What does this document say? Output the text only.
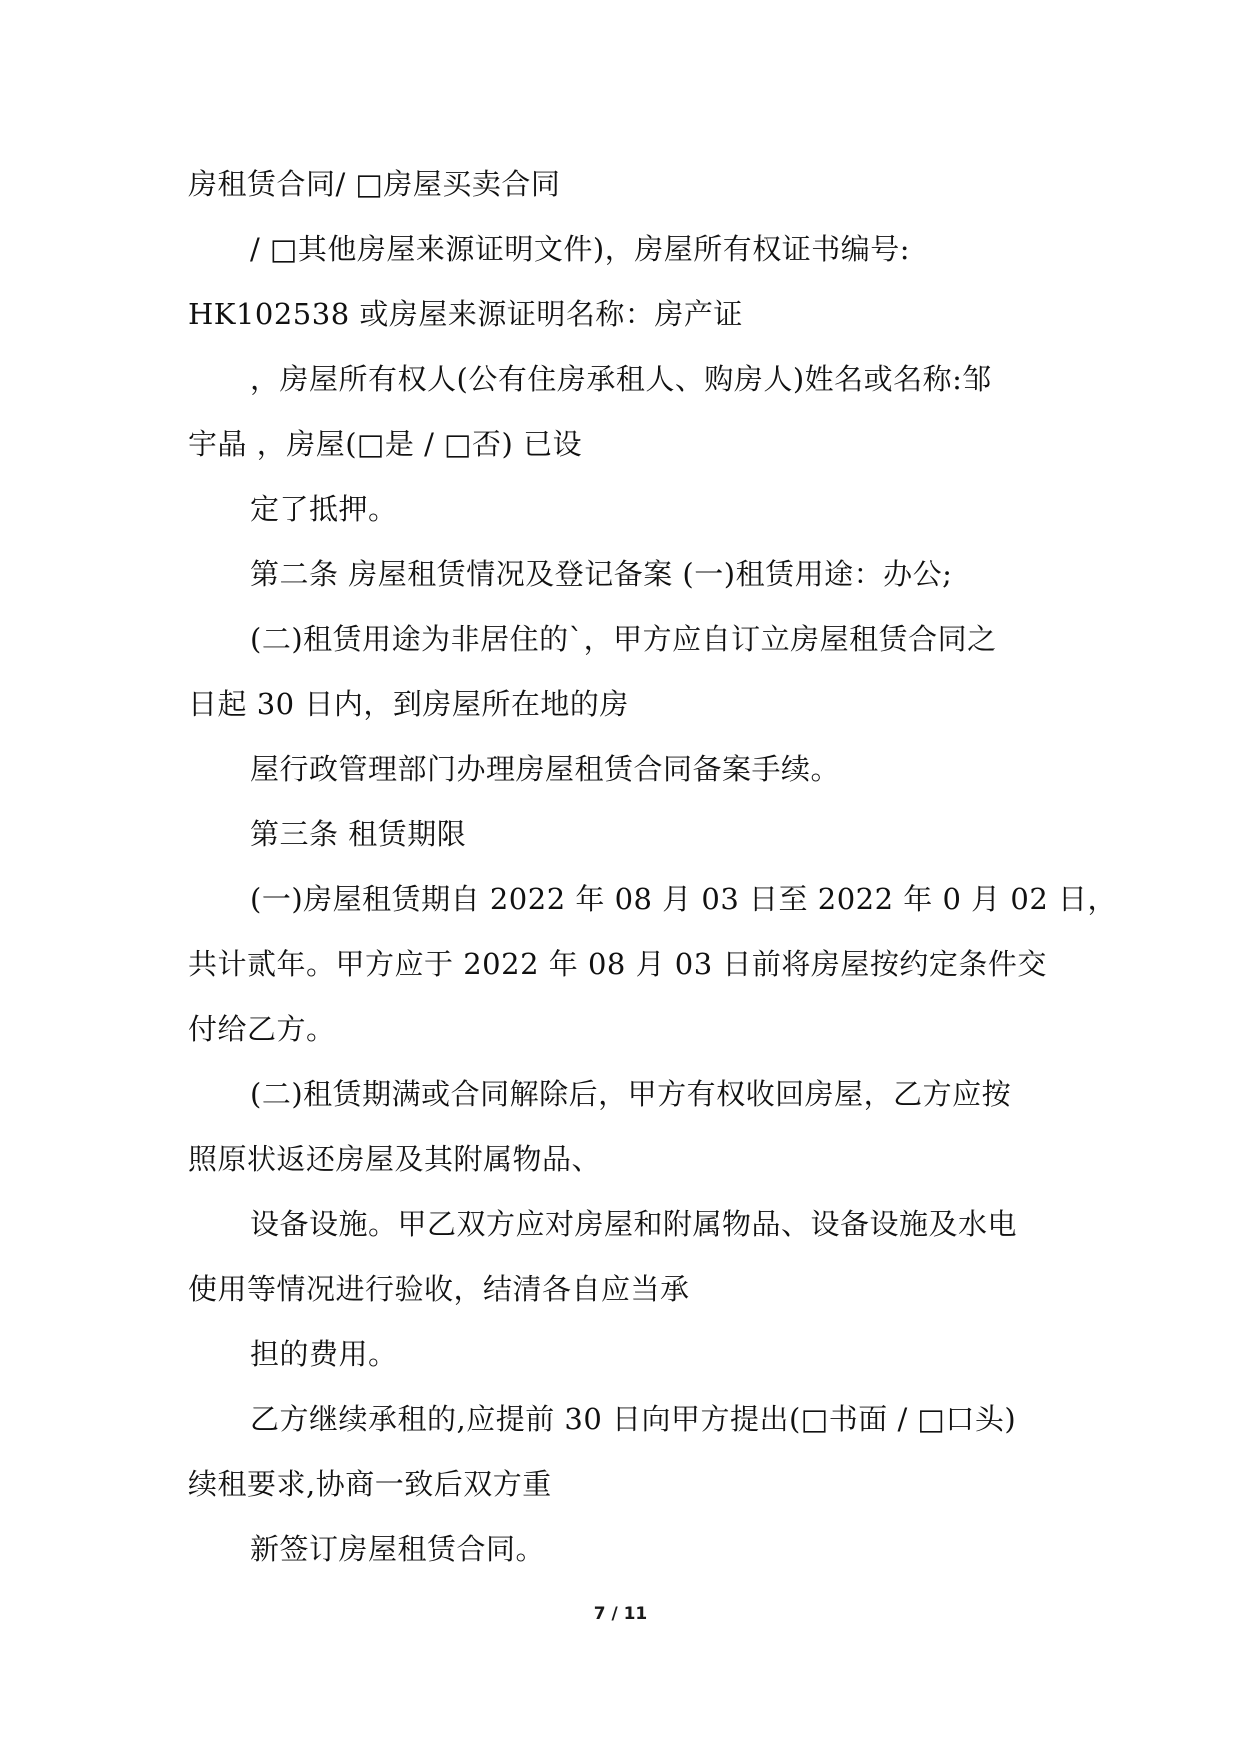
房租赁合同/ □房屋买卖合同
/ □其他房屋来源证明文件)，房屋所有权证书编号:
HK102538 或房屋来源证明名称：房产证
，房屋所有权人(公有住房承租人、购房人)姓名或名称:邹
宇晶 ，房屋(□是 / □否) 已设
定了抵押。
第二条 房屋租赁情况及登记备案 (一)租赁用途：办公;
(二)租赁用途为非居住的`，甲方应自订立房屋租赁合同之
日起 30 日内，到房屋所在地的房
屋行政管理部门办理房屋租赁合同备案手续。
第三条 租赁期限
(一)房屋租赁期自 2022 年 08 月 03 日至 2022 年 0 月 02 日，
共计贰年。甲方应于 2022 年 08 月 03 日前将房屋按约定条件交
付给乙方。
(二)租赁期满或合同解除后，甲方有权收回房屋，乙方应按
照原状返还房屋及其附属物品、
设备设施。甲乙双方应对房屋和附属物品、设备设施及水电
使用等情况进行验收，结清各自应当承
担的费用。
乙方继续承租的,应提前 30 日向甲方提出(□书面 / □口头)
续租要求,协商一致后双方重
新签订房屋租赁合同。
7 / 11
